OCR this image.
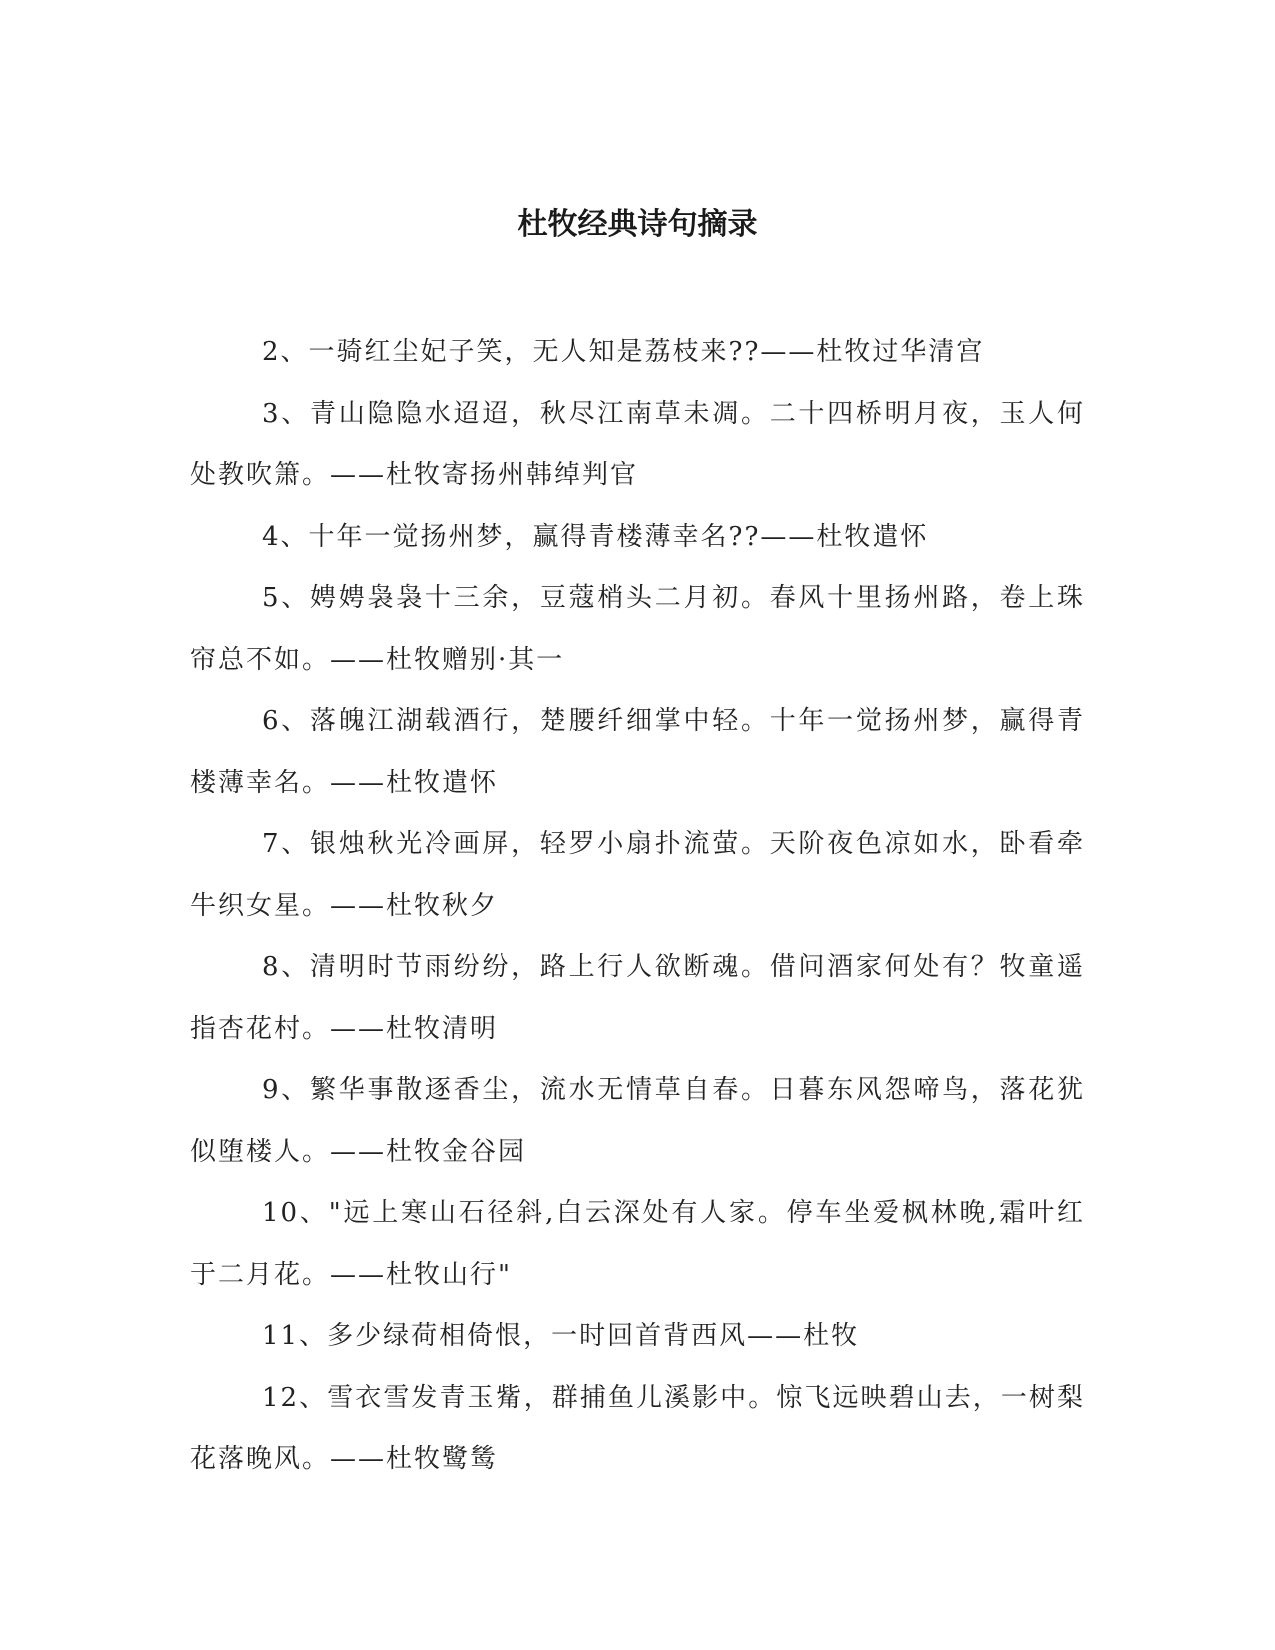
杜牧经典诗句摘录

2、一骑红尘妃子笑，无人知是荔枝来??——杜牧过华清宫

3、青山隐隐水迢迢，秋尽江南草未凋。二十四桥明月夜，玉人何处教吹箫。——杜牧寄扬州韩绰判官

4、十年一觉扬州梦，赢得青楼薄幸名??——杜牧遣怀

5、娉娉袅袅十三余，豆蔻梢头二月初。春风十里扬州路，卷上珠帘总不如。——杜牧赠别·其一

6、落魄江湖载酒行，楚腰纤细掌中轻。十年一觉扬州梦，赢得青楼薄幸名。——杜牧遣怀

7、银烛秋光冷画屏，轻罗小扇扑流萤。天阶夜色凉如水，卧看牵牛织女星。——杜牧秋夕

8、清明时节雨纷纷，路上行人欲断魂。借问酒家何处有？牧童遥指杏花村。——杜牧清明

9、繁华事散逐香尘，流水无情草自春。日暮东风怨啼鸟，落花犹似堕楼人。——杜牧金谷园

10、"远上寒山石径斜,白云深处有人家。停车坐爱枫林晚,霜叶红于二月花。——杜牧山行"

11、多少绿荷相倚恨，一时回首背西风——杜牧

12、雪衣雪发青玉觜，群捕鱼儿溪影中。惊飞远映碧山去，一树梨花落晚风。——杜牧鹭鸶
